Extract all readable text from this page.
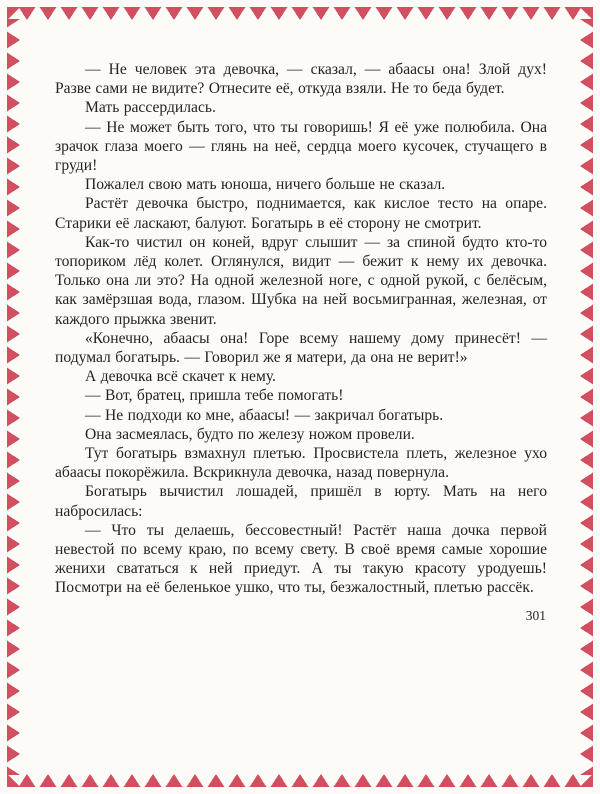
— Не человек эта девочка, — сказал, — абаасы она! Злой дух! Разве сами не видите? Отнесите её, откуда взяли. Не то беда будет.

Мать рассердилась.

— Не может быть того, что ты говоришь! Я её уже полюбила. Она зрачок глаза моего — глянь на неё, сердца моего кусочек, стучащего в груди!

Пожалел свою мать юноша, ничего больше не сказал.

Растёт девочка быстро, поднимается, как кислое тесто на опаре. Старики её ласкают, балуют. Богатырь в её сторону не смотрит.

Как-то чистил он коней, вдруг слышит — за спиной будто кто-то топориком лёд колет. Оглянулся, видит — бежит к нему их девочка. Только она ли это? На одной железной ноге, с одной рукой, с белёсым, как замёрзшая вода, глазом. Шубка на ней восьмигранная, железная, от каждого прыжка звенит.

«Конечно, абаасы она! Горе всему нашему дому принесёт! — подумал богатырь. — Говорил же я матери, да она не верит!»

А девочка всё скачет к нему.

— Вот, братец, пришла тебе помогать!

— Не подходи ко мне, абаасы! — закричал богатырь.

Она засмеялась, будто по железу ножом провели.

Тут богатырь взмахнул плетью. Просвистела плеть, железное ухо абаасы покорёжила. Вскрикнула девочка, назад повернула.

Богатырь вычистил лошадей, пришёл в юрту. Мать на него набросилась:

— Что ты делаешь, бессовестный! Растёт наша дочка первой невестой по всему краю, по всему свету. В своё время самые хорошие женихи свататься к ней приедут. А ты такую красоту уродуешь! Посмотри на её беленькое ушко, что ты, безжалостный, плетью рассёк.

301
